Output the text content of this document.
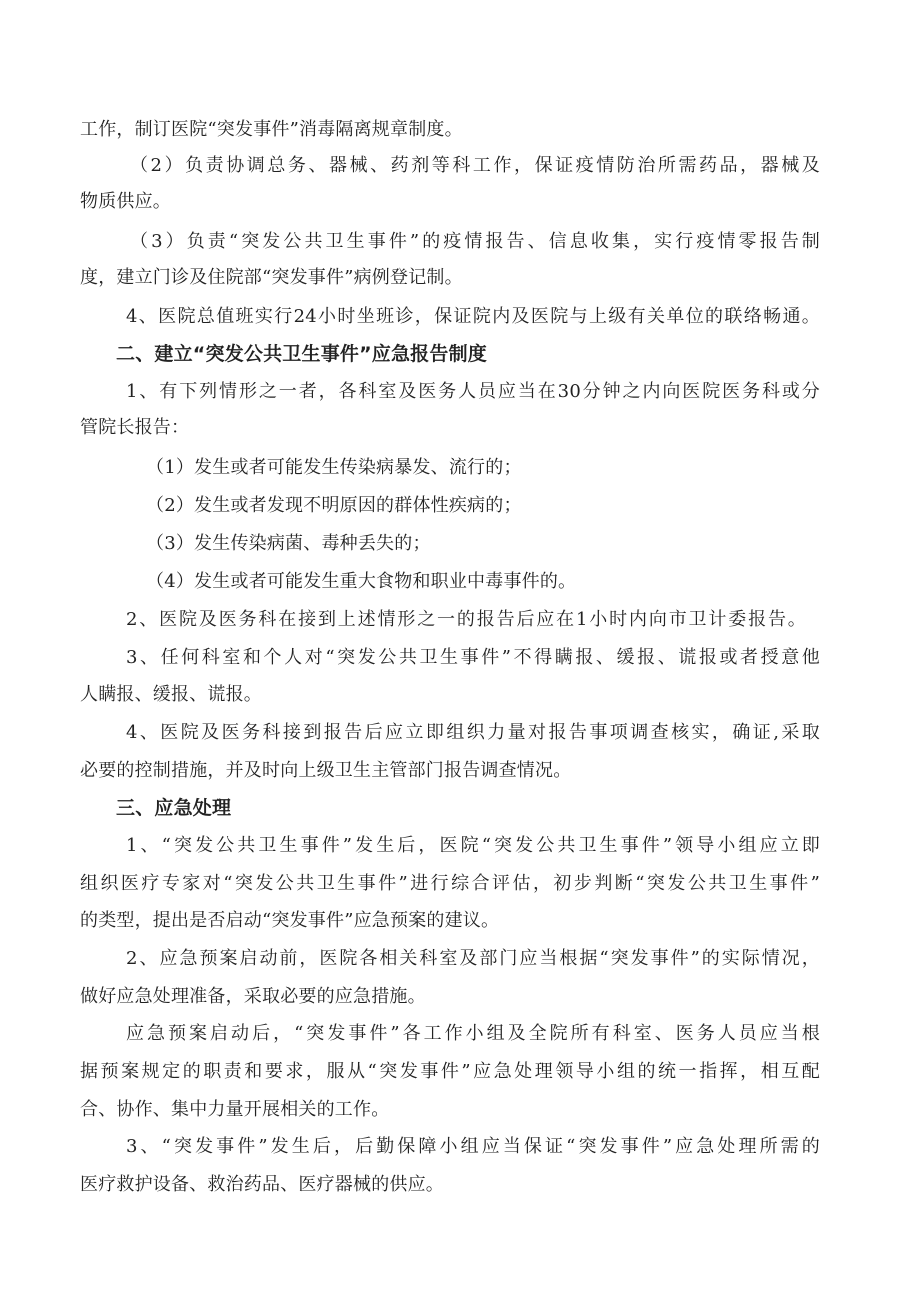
工作，制订医院“突发事件”消毒隔离规章制度。
（2）负责协调总务、器械、药剂等科工作，保证疫情防治所需药品，器械及
物质供应。
（3）负责“突发公共卫生事件”的疫情报告、信息收集，实行疫情零报告制
度，建立门诊及住院部“突发事件”病例登记制。
4、医院总值班实行24小时坐班诊，保证院内及医院与上级有关单位的联络畅通。
二、建立“突发公共卫生事件”应急报告制度
1、有下列情形之一者，各科室及医务人员应当在30分钟之内向医院医务科或分
管院长报告：
（1）发生或者可能发生传染病暴发、流行的；
（2）发生或者发现不明原因的群体性疾病的；
（3）发生传染病菌、毒种丢失的；
（4）发生或者可能发生重大食物和职业中毒事件的。
2、医院及医务科在接到上述情形之一的报告后应在1小时内向市卫计委报告。
3、任何科室和个人对“突发公共卫生事件”不得瞒报、缓报、谎报或者授意他
人瞒报、缓报、谎报。
4、医院及医务科接到报告后应立即组织力量对报告事项调查核实，确证,采取
必要的控制措施，并及时向上级卫生主管部门报告调查情况。
三、应急处理
1、“突发公共卫生事件”发生后，医院“突发公共卫生事件”领导小组应立即
组织医疗专家对“突发公共卫生事件”进行综合评估，初步判断“突发公共卫生事件”
的类型，提出是否启动“突发事件”应急预案的建议。
2、应急预案启动前，医院各相关科室及部门应当根据“突发事件”的实际情况，
做好应急处理准备，采取必要的应急措施。
应急预案启动后，“突发事件”各工作小组及全院所有科室、医务人员应当根
据预案规定的职责和要求，服从“突发事件”应急处理领导小组的统一指挥，相互配
合、协作、集中力量开展相关的工作。
3、“突发事件”发生后，后勤保障小组应当保证“突发事件”应急处理所需的
医疗救护设备、救治药品、医疗器械的供应。
